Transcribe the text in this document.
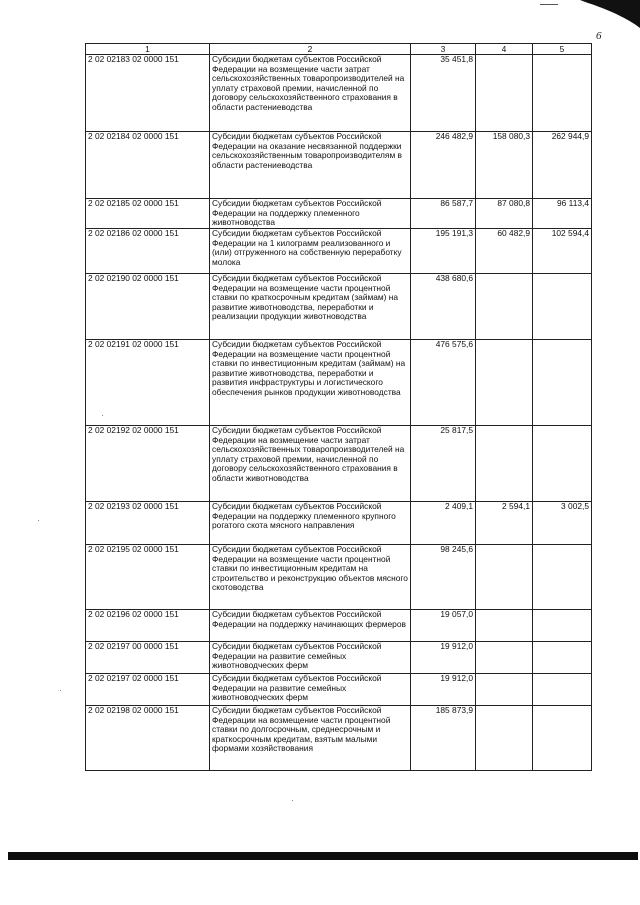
6
1	2	3	4	5
2 02 02183 02 0000 151	Субсидии бюджетам субъектов Российской Федерации на возмещение части затрат сельскохозяйственных товаропроизводителей на уплату страховой премии, начисленной по договору сельскохозяйственного страхования в области растениеводства	35 451,8		
2 02 02184 02 0000 151	Субсидии бюджетам субъектов Российской Федерации на оказание несвязанной поддержки сельскохозяйственным товаропроизводителям в области растениеводства	246 482,9	158 080,3	262 944,9
2 02 02185 02 0000 151	Субсидии бюджетам субъектов Российской Федерации на поддержку племенного животноводства	86 587,7	87 080,8	96 113,4
2 02 02186 02 0000 151	Субсидии бюджетам субъектов Российской Федерации на 1 килограмм реализованного и (или) отгруженного на собственную переработку молока	195 191,3	60 482,9	102 594,4
2 02 02190 02 0000 151	Субсидии бюджетам субъектов Российской Федерации на возмещение части процентной ставки по краткосрочным кредитам (займам) на развитие животноводства, переработки и реализации продукции животноводства	438 680,6		
2 02 02191 02 0000 151	Субсидии бюджетам субъектов Российской Федерации на возмещение части процентной ставки по инвестиционным кредитам (займам) на развитие животноводства, переработки и развития инфраструктуры и логистического обеспечения рынков продукции животноводства	476 575,6		
2 02 02192 02 0000 151	Субсидии бюджетам субъектов Российской Федерации на возмещение части затрат сельскохозяйственных товаропроизводителей на уплату страховой премии, начисленной по договору сельскохозяйственного страхования в области животноводства	25 817,5		
2 02 02193 02 0000 151	Субсидии бюджетам субъектов Российской Федерации на поддержку племенного крупного рогатого скота мясного направления	2 409,1	2 594,1	3 002,5
2 02 02195 02 0000 151	Субсидии бюджетам субъектов Российской Федерации на возмещение части процентной ставки по инвестиционным кредитам на строительство и реконструкцию объектов мясного скотоводства	98 245,6		
2 02 02196 02 0000 151	Субсидии бюджетам субъектов Российской Федерации на поддержку начинающих фермеров	19 057,0		
2 02 02197 00 0000 151	Субсидии бюджетам субъектов Российской Федерации на развитие семейных животноводческих ферм	19 912,0		
2 02 02197 02 0000 151	Субсидии бюджетам субъектов Российской Федерации на развитие семейных животноводческих ферм	19 912,0		
2 02 02198 02 0000 151	Субсидии бюджетам субъектов Российской Федерации на возмещение части процентной ставки по долгосрочным, среднесрочным и краткосрочным кредитам, взятым малыми формами хозяйствования	185 873,9		
